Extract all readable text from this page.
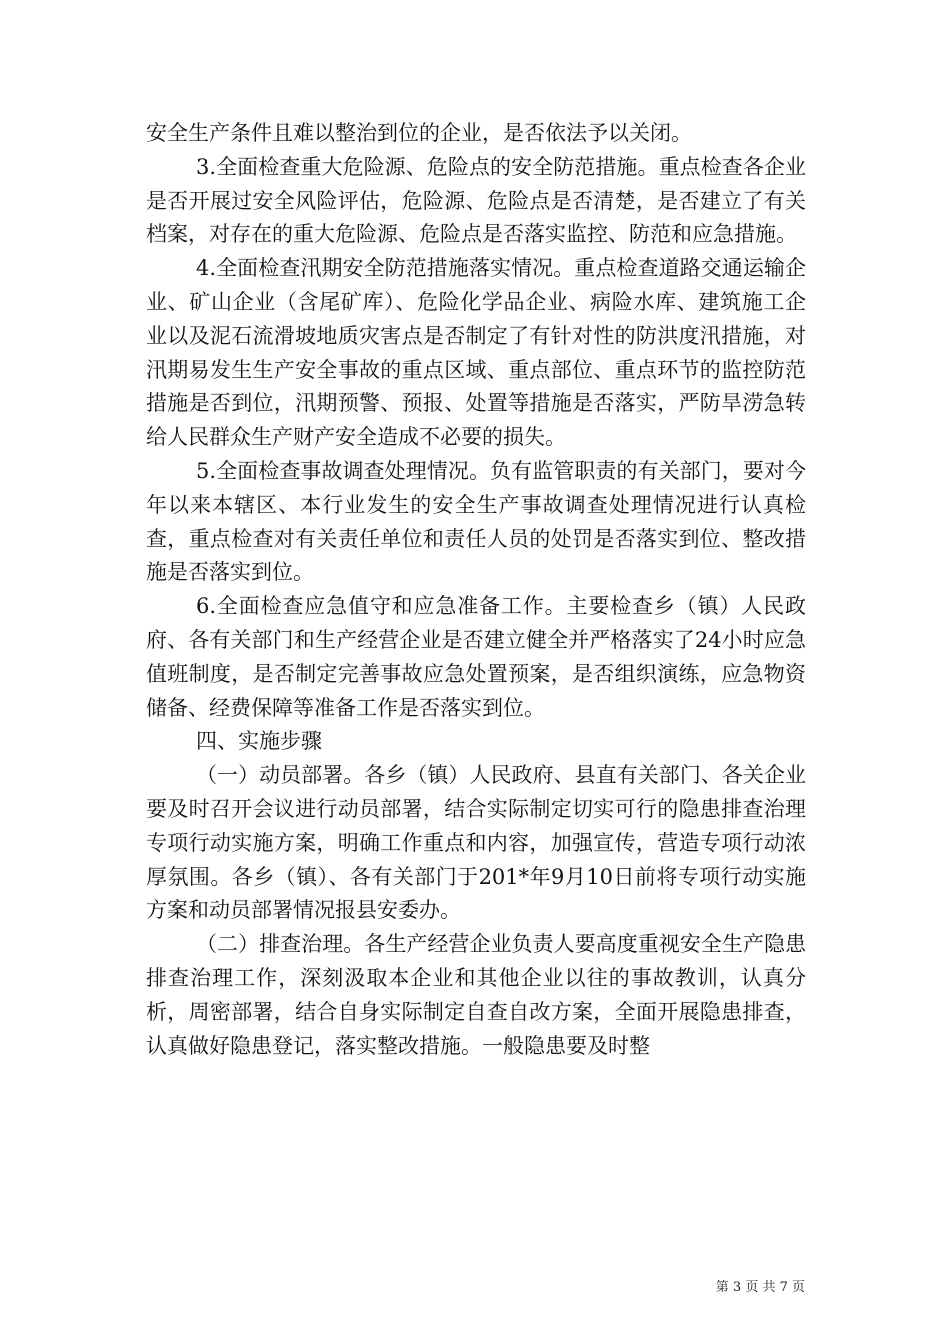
安全生产条件且难以整治到位的企业，是否依法予以关闭。

3.全面检查重大危险源、危险点的安全防范措施。重点检查各企业是否开展过安全风险评估，危险源、危险点是否清楚，是否建立了有关档案，对存在的重大危险源、危险点是否落实监控、防范和应急措施。

4.全面检查汛期安全防范措施落实情况。重点检查道路交通运输企业、矿山企业（含尾矿库）、危险化学品企业、病险水库、建筑施工企业以及泥石流滑坡地质灾害点是否制定了有针对性的防洪度汛措施，对汛期易发生生产安全事故的重点区域、重点部位、重点环节的监控防范措施是否到位，汛期预警、预报、处置等措施是否落实，严防旱涝急转给人民群众生产财产安全造成不必要的损失。

5.全面检查事故调查处理情况。负有监管职责的有关部门，要对今年以来本辖区、本行业发生的安全生产事故调查处理情况进行认真检查，重点检查对有关责任单位和责任人员的处罚是否落实到位、整改措施是否落实到位。

6.全面检查应急值守和应急准备工作。主要检查乡（镇）人民政府、各有关部门和生产经营企业是否建立健全并严格落实了24小时应急值班制度，是否制定完善事故应急处置预案，是否组织演练，应急物资储备、经费保障等准备工作是否落实到位。

四、实施步骤

（一）动员部署。各乡（镇）人民政府、县直有关部门、各关企业要及时召开会议进行动员部署，结合实际制定切实可行的隐患排查治理专项行动实施方案，明确工作重点和内容，加强宣传，营造专项行动浓厚氛围。各乡（镇）、各有关部门于201*年9月10日前将专项行动实施方案和动员部署情况报县安委办。

（二）排查治理。各生产经营企业负责人要高度重视安全生产隐患排查治理工作，深刻汲取本企业和其他企业以往的事故教训，认真分析，周密部署，结合自身实际制定自查自改方案，全面开展隐患排查，认真做好隐患登记，落实整改措施。一般隐患要及时整

第 3 页 共 7 页
